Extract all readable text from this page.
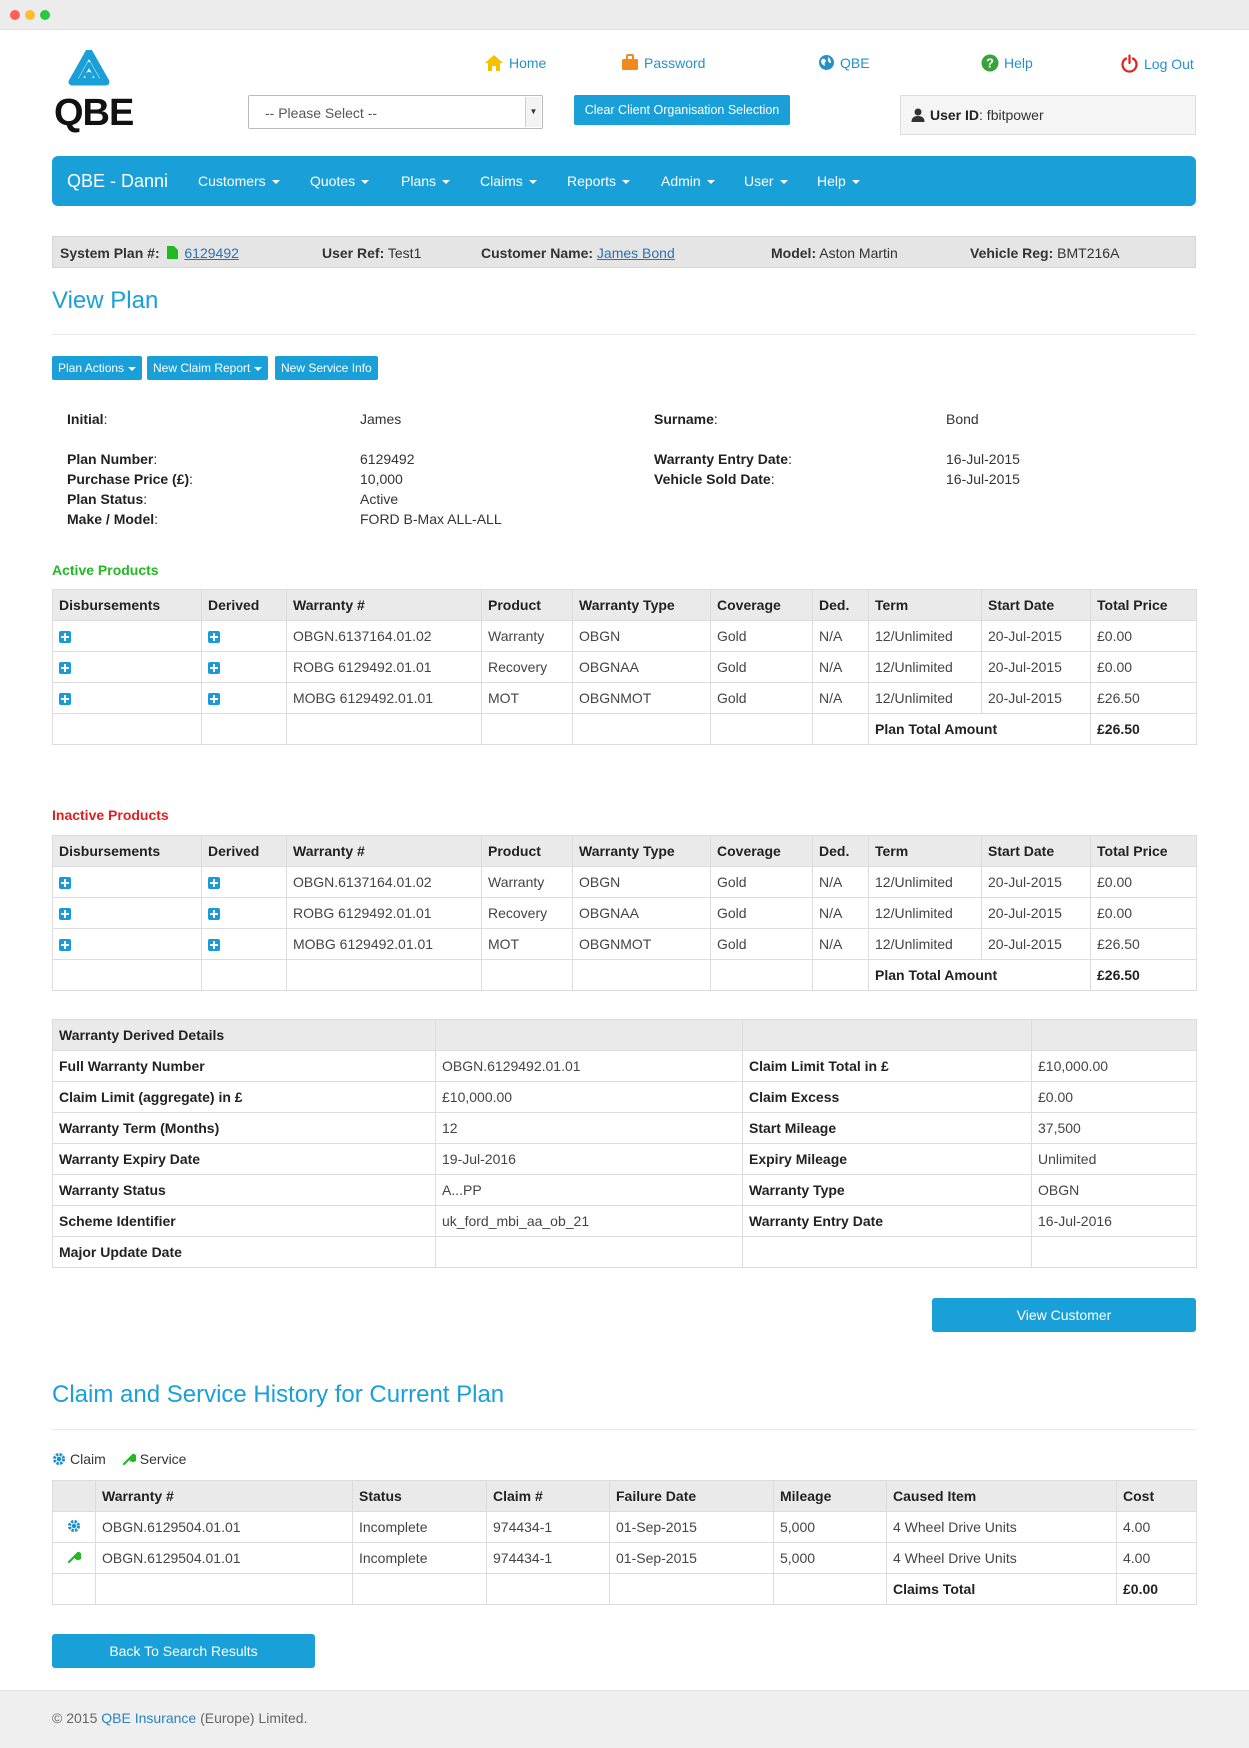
QBE	-- Please Select --	▼	Clear Client Organisation Selection
Home	Password	QBE	? Help	Log Out
User ID: fbitpower
QBE - Danni Customers	Quotes	Plans	Claims	Reports	Admin	User	Help
System Plan #: 6129492	User Ref: Test1	Customer Name: James Bond	Model: Aston Martin	Vehicle Reg: BMT216A
View Plan
Plan Actions	New Claim Report	New Service Info
Initial:	James	Surname:	Bond
Plan Number:	6129492
Purchase Price (£):	10,000
Plan Status:	Active
Make / Model:	FORD B-Max ALL-ALL
Warranty Entry Date:	16-Jul-2015
Vehicle Sold Date:	16-Jul-2015
Active Products
Disbursements	Derived	Warranty #	Product	Warranty Type	Coverage	Ded.	Term	Start Date	Total Price
		OBGN.6137164.01.02	Warranty	OBGN	Gold	N/A	12/Unlimited	20-Jul-2015	£0.00
		ROBG 6129492.01.01	Recovery	OBGNAA	Gold	N/A	12/Unlimited	20-Jul-2015	£0.00
		MOBG 6129492.01.01	MOT	OBGNMOT	Gold	N/A	12/Unlimited	20-Jul-2015	£26.50
							Plan Total Amount		£26.50
Inactive Products
Disbursements	Derived	Warranty #	Product	Warranty Type	Coverage	Ded.	Term	Start Date	Total Price
		OBGN.6137164.01.02	Warranty	OBGN	Gold	N/A	12/Unlimited	20-Jul-2015	£0.00
		ROBG 6129492.01.01	Recovery	OBGNAA	Gold	N/A	12/Unlimited	20-Jul-2015	£0.00
		MOBG 6129492.01.01	MOT	OBGNMOT	Gold	N/A	12/Unlimited	20-Jul-2015	£26.50
							Plan Total Amount		£26.50
Warranty Derived Details			
Full Warranty Number	OBGN.6129492.01.01	Claim Limit Total in £	£10,000.00
Claim Limit (aggregate) in £	£10,000.00	Claim Excess	£0.00
Warranty Term (Months)	12	Start Mileage	37,500
Warranty Expiry Date	19-Jul-2016	Expiry Mileage	Unlimited
Warranty Status	A...PP	Warranty Type	OBGN
Scheme Identifier	uk_ford_mbi_aa_ob_21	Warranty Entry Date	16-Jul-2016
Major Update Date			
View Customer
Claim and Service History for Current Plan
Claim Service
	Warranty #	Status	Claim #	Failure Date	Mileage	Caused Item	Cost
	OBGN.6129504.01.01	Incomplete	974434-1	01-Sep-2015	5,000	4 Wheel Drive Units	4.00
	OBGN.6129504.01.01	Incomplete	974434-1	01-Sep-2015	5,000	4 Wheel Drive Units	4.00
						Claims Total	£0.00
Back To Search Results
© 2015 QBE Insurance (Europe) Limited.
